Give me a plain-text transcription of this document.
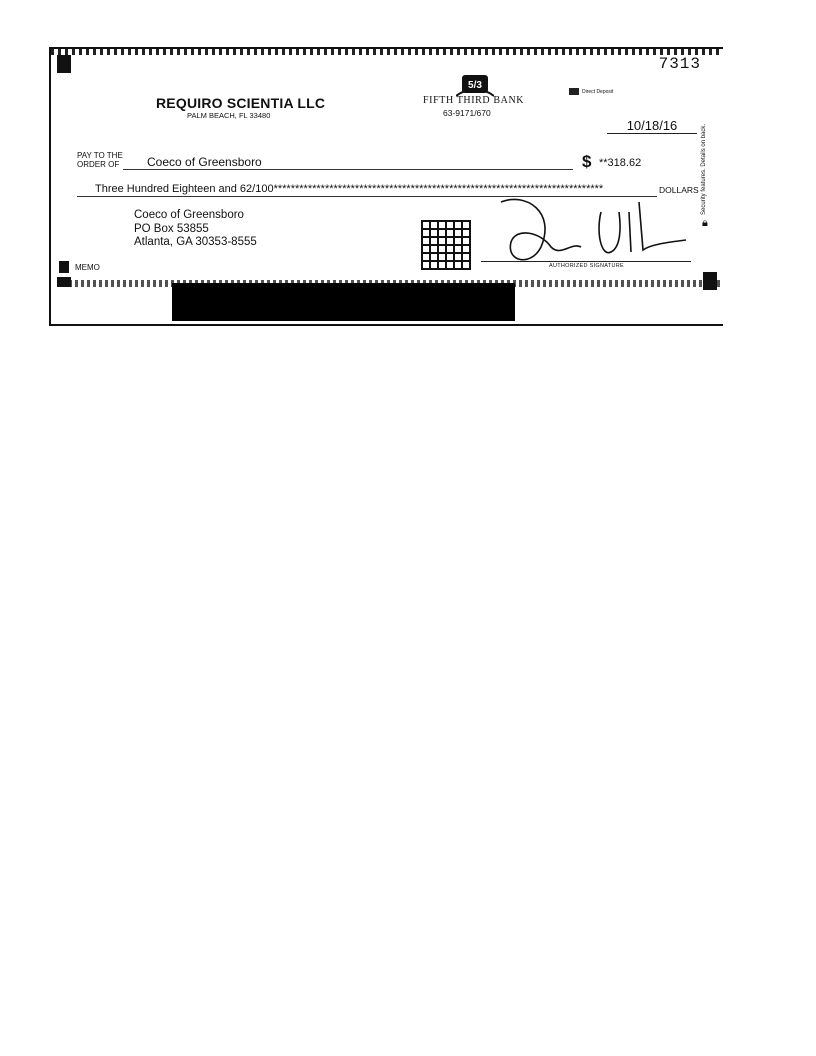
7313
REQUIRO SCIENTIA LLC
PALM BEACH, FL 33480
5/3
FIFTH THIRD BANK
63-9171/670
Direct Deposit
10/18/16
PAY TO THE
ORDER OF Coeco of Greensboro	$ **318.62
Three Hundred Eighteen and 62/100*****************************************************************************	DOLLARS
Coeco of Greensboro
PO Box 53855
Atlanta, GA 30353-8555
MEMO	AUTHORIZED SIGNATURE
Security features. Details on back.
🔒︎
